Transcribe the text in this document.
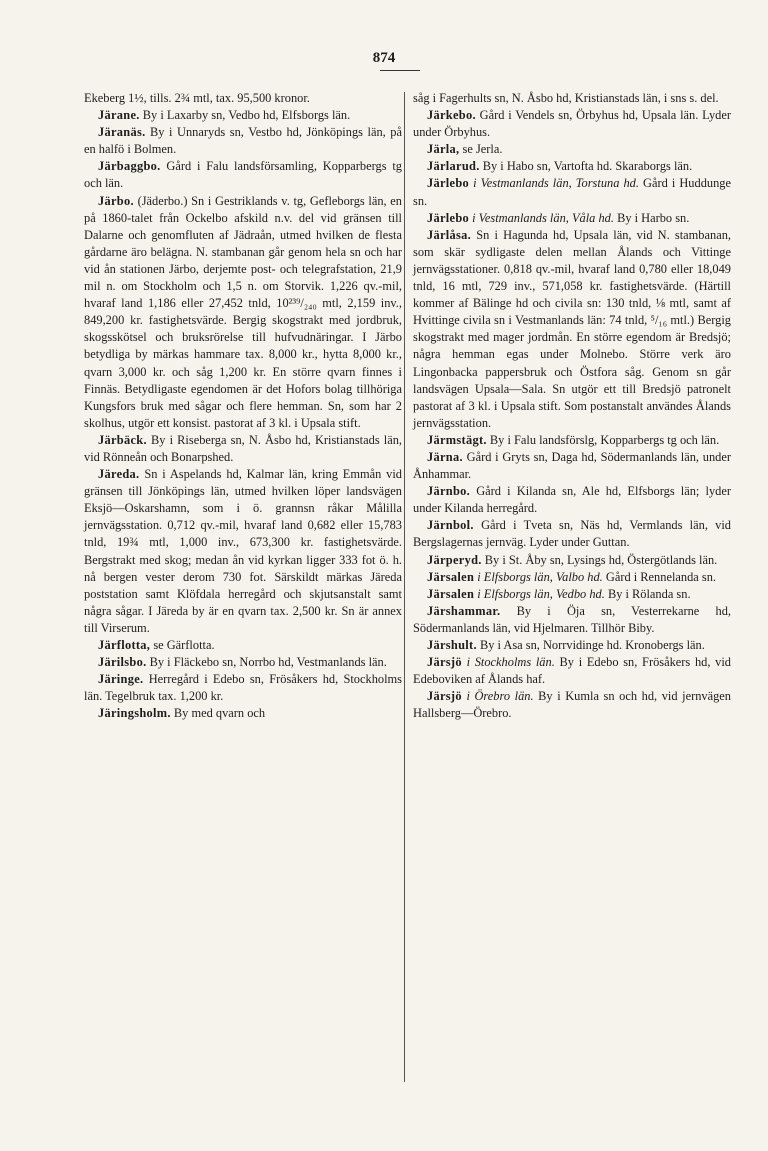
874

Ekeberg 1½, tills. 2¾ mtl, tax. 95,500 kronor.

Järane. By i Laxarby sn, Vedbo hd, Elfsborgs län.

Järanäs. By i Unnaryds sn, Vestbo hd, Jönköpings län, på en halfö i Bolmen.

Järbaggbo. Gård i Falu landsförsamling, Kopparbergs tg och län.

Järbo. (Jäderbo.) Sn i Gestriklands v. tg, Gefleborgs län, en på 1860-talet från Ockelbo afskild n.v. del vid gränsen till Dalarne och genomfluten af Jädraån, utmed hvilken de flesta gårdarne äro belägna. N. stambanan går genom hela sn och har vid ån stationen Järbo, derjemte post- och telegrafstation, 21,9 mil n. om Stockholm och 1,5 n. om Storvik. 1,226 qv.-mil, hvaraf land 1,186 eller 27,452 tnld, 10²³⁹/₂₄₀ mtl, 2,159 inv., 849,200 kr. fastighetsvärde. Bergig skogstrakt med jordbruk, skogsskötsel och bruksrörelse till hufvudnäringar. I Järbo betydliga by märkas hammare tax. 8,000 kr., hytta 8,000 kr., qvarn 3,000 kr. och såg 1,200 kr. En större qvarn finnes i Finnäs. Betydligaste egendomen är det Hofors bolag tillhöriga Kungsfors bruk med sågar och flere hemman. Sn, som har 2 skolhus, utgör ett konsist. pastorat af 3 kl. i Upsala stift.

Järbäck. By i Riseberga sn, N. Åsbo hd, Kristianstads län, vid Rönneån och Bonarpshed.

Järeda. Sn i Aspelands hd, Kalmar län, kring Emmån vid gränsen till Jönköpings län, utmed hvilken löper landsvägen Eksjö—Oskarshamn, som i ö. grannsn råkar Målilla jernvägsstation. 0,712 qv.-mil, hvaraf land 0,682 eller 15,783 tnld, 19¾ mtl, 1,000 inv., 673,300 kr. fastighetsvärde. Bergstrakt med skog; medan ån vid kyrkan ligger 333 fot ö. h. nå bergen vester derom 730 fot. Särskildt märkas Järeda poststation samt Klöfdala herregård och skjutsanstalt samt några sågar. I Järeda by är en qvarn tax. 2,500 kr. Sn är annex till Virserum.

Järflotta, se Gärflotta.

Järilsbo. By i Fläckebo sn, Norrbo hd, Vestmanlands län.

Järinge. Herregård i Edebo sn, Frösåkers hd, Stockholms län. Tegelbruk tax. 1,200 kr.

Järingsholm. By med qvarn och

såg i Fagerhults sn, N. Åsbo hd, Kristianstads län, i sns s. del.

Järkebo. Gård i Vendels sn, Örbyhus hd, Upsala län. Lyder under Örbyhus.

Järla, se Jerla.

Järlarud. By i Habo sn, Vartofta hd. Skaraborgs län.

Järlebo i Vestmanlands län, Torstuna hd. Gård i Huddunge sn.

Järlebo i Vestmanlands län, Våla hd. By i Harbo sn.

Järlåsa. Sn i Hagunda hd, Upsala län, vid N. stambanan, som skär sydligaste delen mellan Ålands och Vittinge jernvägsstationer. 0,818 qv.-mil, hvaraf land 0,780 eller 18,049 tnld, 16 mtl, 729 inv., 571,058 kr. fastighetsvärde. (Härtill kommer af Bälinge hd och civila sn: 130 tnld, ⅛ mtl, samt af Hvittinge civila sn i Vestmanlands län: 74 tnld, ⁵/₁₆ mtl.) Bergig skogstrakt med mager jordmån. En större egendom är Bredsjö; några hemman egas under Molnebo. Större verk äro Lingonbacka pappersbruk och Östfora såg. Genom sn går landsvägen Upsala—Sala. Sn utgör ett till Bredsjö patronelt pastorat af 3 kl. i Upsala stift. Som postanstalt användes Ålands jernvägsstation.

Järmstägt. By i Falu landsförslg, Kopparbergs tg och län.

Järna. Gård i Gryts sn, Daga hd, Södermanlands län, under Ånhammar.

Järnbo. Gård i Kilanda sn, Ale hd, Elfsborgs län; lyder under Kilanda herregård.

Järnbol. Gård i Tveta sn, Näs hd, Vermlands län, vid Bergslagernas jernväg. Lyder under Guttan.

Järperyd. By i St. Åby sn, Lysings hd, Östergötlands län.

Järsalen i Elfsborgs län, Valbo hd. Gård i Rennelanda sn.

Järsalen i Elfsborgs län, Vedbo hd. By i Rölanda sn.

Järshammar. By i Öja sn, Vesterrekarne hd, Södermanlands län, vid Hjelmaren. Tillhör Biby.

Järshult. By i Asa sn, Norrvidinge hd. Kronobergs län.

Järsjö i Stockholms län. By i Edebo sn, Frösåkers hd, vid Edeboviken af Ålands haf.

Järsjö i Örebro län. By i Kumla sn och hd, vid jernvägen Hallsberg—Örebro.
